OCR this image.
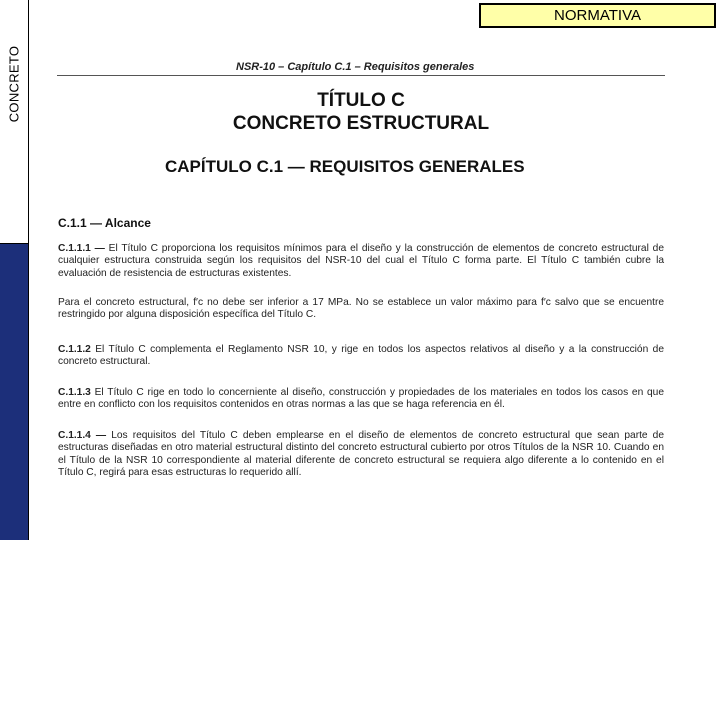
CONCRETO
ESPACIO Y MATERIALIDAD
NORMATIVA
NSR-10 – Capítulo C.1 – Requisitos generales
TÍTULO C
CONCRETO ESTRUCTURAL
CAPÍTULO C.1 — REQUISITOS GENERALES
C.1.1 — Alcance
C.1.1.1 — El Título C proporciona los requisitos mínimos para el diseño y la construcción de elementos de concreto estructural de cualquier estructura construida según los requisitos del NSR-10 del cual el Título C forma parte. El Título C también cubre la evaluación de resistencia de estructuras existentes.
Para el concreto estructural, f′c no debe ser inferior a 17 MPa. No se establece un valor máximo para f′c salvo que se encuentre restringido por alguna disposición específica del Título C.
C.1.1.2 El Título C complementa el Reglamento NSR 10, y rige en todos los aspectos relativos al diseño y a la construcción de concreto estructural.
C.1.1.3 El Título C rige en todo lo concerniente al diseño, construcción y propiedades de los materiales en todos los casos en que entre en conflicto con los requisitos contenidos en otras normas a las que se haga referencia en él.
C.1.1.4 — Los requisitos del Título C deben emplearse en el diseño de elementos de concreto estructural que sean parte de estructuras diseñadas en otro material estructural distinto del concreto estructural cubierto por otros Títulos de la NSR 10. Cuando en el Título de la NSR 10 correspondiente al material diferente de concreto estructural se requiera algo diferente a lo contenido en el Título C, regirá para esas estructuras lo requerido allí.
